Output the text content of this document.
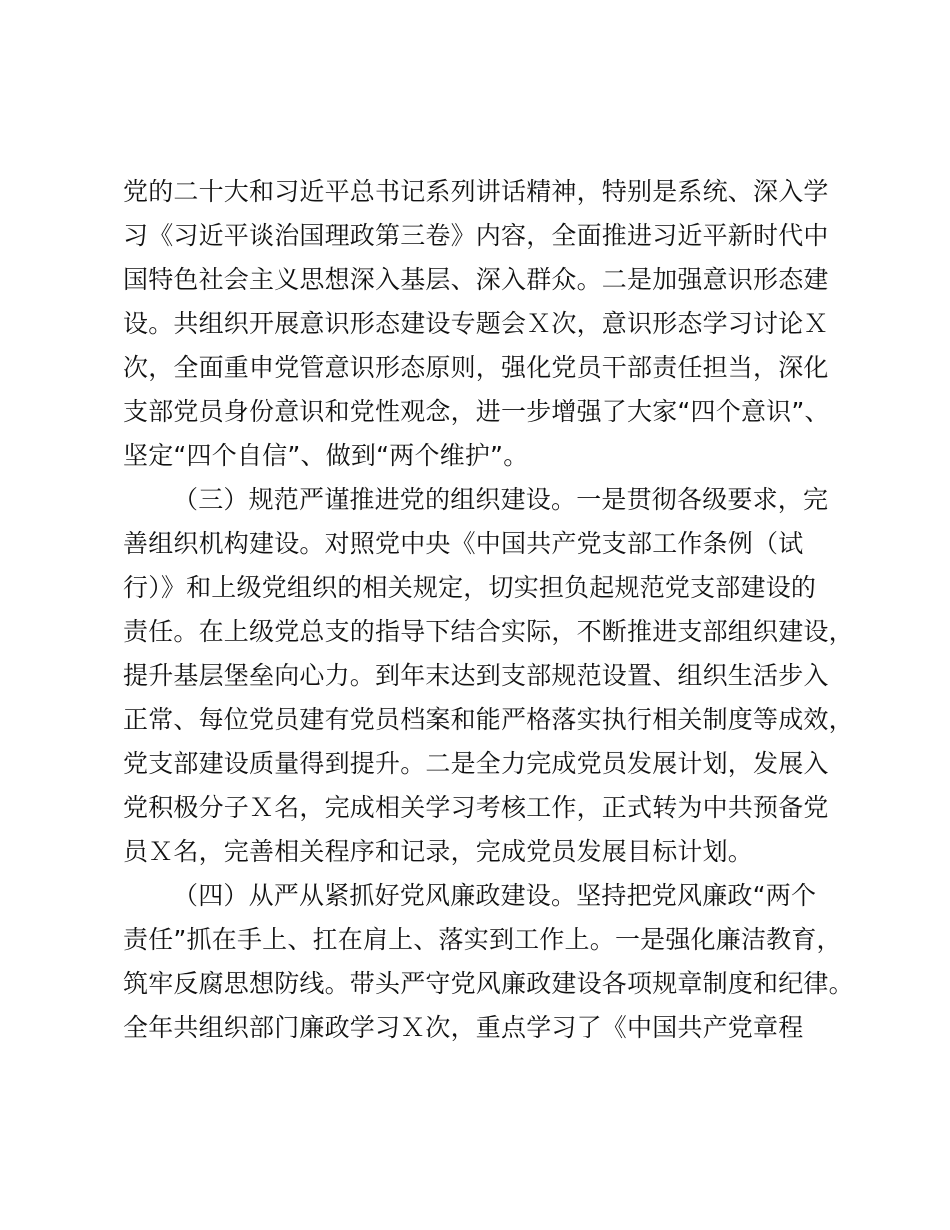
党的二十大和习近平总书记系列讲话精神，特别是系统、深入学
习《习近平谈治国理政第三卷》内容，全面推进习近平新时代中
国特色社会主义思想深入基层、深入群众。二是加强意识形态建
设。共组织开展意识形态建设专题会Ｘ次，意识形态学习讨论Ｘ
次，全面重申党管意识形态原则，强化党员干部责任担当，深化
支部党员身份意识和党性观念，进一步增强了大家“四个意识”、
坚定“四个自信”、做到“两个维护”。
（三）规范严谨推进党的组织建设。一是贯彻各级要求，完
善组织机构建设。对照党中央《中国共产党支部工作条例（试
行）》和上级党组织的相关规定，切实担负起规范党支部建设的
责任。在上级党总支的指导下结合实际，不断推进支部组织建设，
提升基层堡垒向心力。到年末达到支部规范设置、组织生活步入
正常、每位党员建有党员档案和能严格落实执行相关制度等成效，
党支部建设质量得到提升。二是全力完成党员发展计划，发展入
党积极分子Ｘ名，完成相关学习考核工作，正式转为中共预备党
员Ｘ名，完善相关程序和记录，完成党员发展目标计划。
（四）从严从紧抓好党风廉政建设。坚持把党风廉政“两个
责任”抓在手上、扛在肩上、落实到工作上。一是强化廉洁教育，
筑牢反腐思想防线。带头严守党风廉政建设各项规章制度和纪律。
全年共组织部门廉政学习Ｘ次，重点学习了《中国共产党章程
